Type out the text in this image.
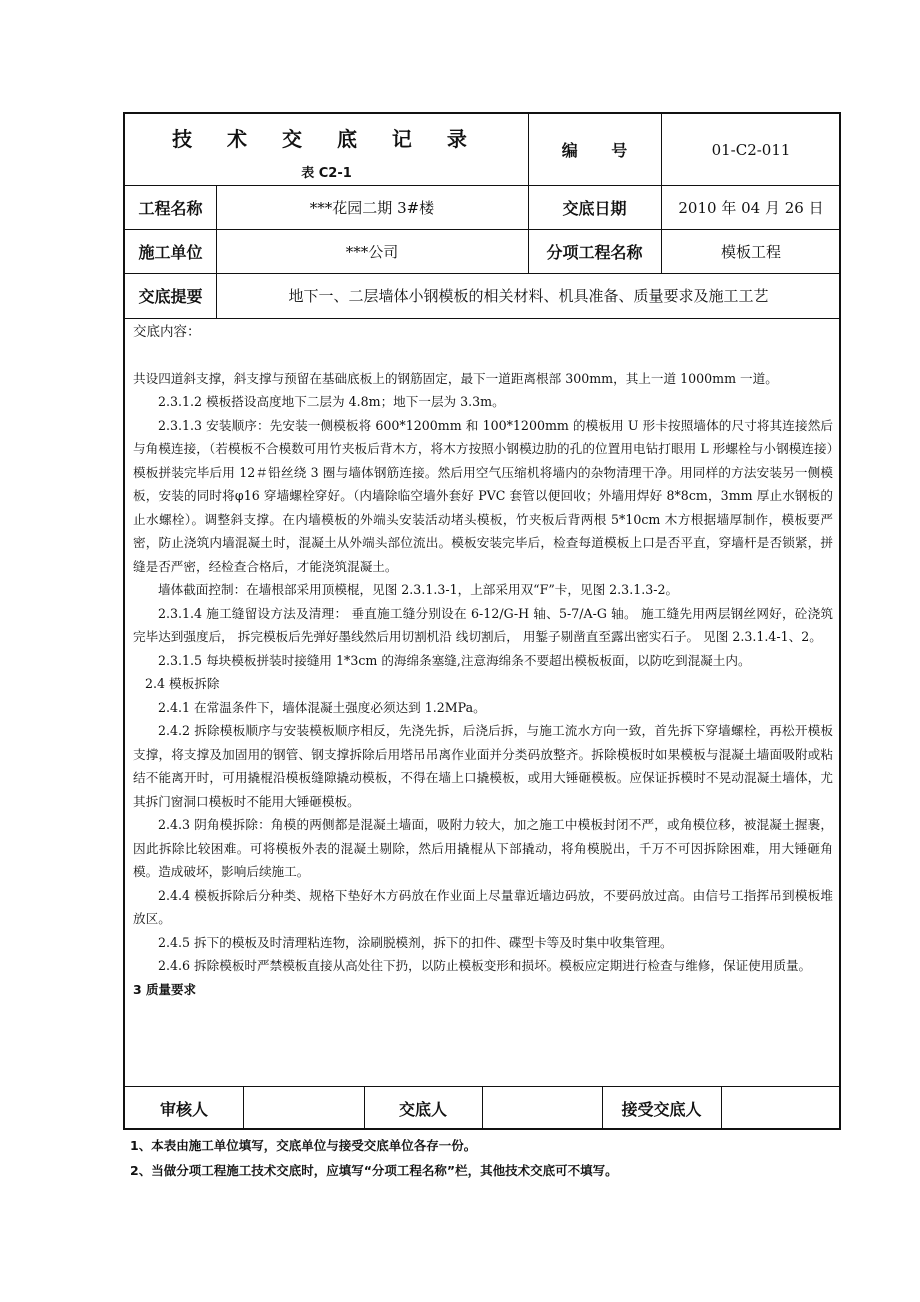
技 术 交 底 记 录
表 C2-1
编      号	01-C2-011
工程名称	***花园二期 3#楼	交底日期	2010 年 04 月 26 日
施工单位	***公司	分项工程名称	模板工程
交底提要	地下一、二层墙体小钢模板的相关材料、机具准备、质量要求及施工工艺

交底内容：

共设四道斜支撑，斜支撑与预留在基础底板上的钢筋固定，最下一道距离根部 300mm，其上一道 1000mm 一道。

2.3.1.2 模板搭设高度地下二层为 4.8m；地下一层为 3.3m。

2.3.1.3 安装顺序：先安装一侧模板将 600*1200mm 和 100*1200mm 的模板用 U 形卡按照墙体的尺寸将其连接然后与角模连接，（若模板不合模数可用竹夹板后背木方，将木方按照小钢模边肋的孔的位置用电钻打眼用 L 形螺栓与小钢模连接）模板拼装完毕后用 12＃铅丝绕 3 圈与墙体钢筋连接。然后用空气压缩机将墙内的杂物清理干净。用同样的方法安装另一侧模板，安装的同时将φ16 穿墙螺栓穿好。（内墙除临空墙外套好 PVC 套管以便回收；外墙用焊好 8*8cm，3mm 厚止水钢板的止水螺栓）。调整斜支撑。在内墙模板的外端头安装活动堵头模板，竹夹板后背两根 5*10cm 木方根据墙厚制作，模板要严密，防止浇筑内墙混凝土时，混凝土从外端头部位流出。模板安装完毕后，检查每道模板上口是否平直，穿墙杆是否锁紧，拼缝是否严密，经检查合格后，才能浇筑混凝土。

墙体截面控制：在墙根部采用顶模棍，见图 2.3.1.3-1，上部采用双“F”卡，见图 2.3.1.3-2。

2.3.1.4 施工缝留设方法及清理： 垂直施工缝分别设在 6-12/G-H 轴、5-7/A-G 轴。 施工缝先用两层钢丝网好，砼浇筑完毕达到强度后， 拆完模板后先弹好墨线然后用切割机沿 线切割后， 用錾子剔凿直至露出密实石子。 见图 2.3.1.4-1、2。

2.3.1.5 每块模板拼装时接缝用 1*3cm 的海绵条塞缝,注意海绵条不要超出模板板面，以防吃到混凝土内。

2.4 模板拆除

2.4.1 在常温条件下，墙体混凝土强度必须达到 1.2MPa。

2.4.2 拆除模板顺序与安装模板顺序相反，先浇先拆，后浇后拆，与施工流水方向一致，首先拆下穿墙螺栓，再松开模板支撑，将支撑及加固用的钢管、钢支撑拆除后用塔吊吊离作业面并分类码放整齐。拆除模板时如果模板与混凝土墙面吸附或粘结不能离开时，可用撬棍沿模板缝隙撬动模板，不得在墙上口撬模板，或用大锤砸模板。应保证拆模时不晃动混凝土墙体，尤其拆门窗洞口模板时不能用大锤砸模板。

2.4.3 阴角模拆除：角模的两侧都是混凝土墙面，吸附力较大，加之施工中模板封闭不严，或角模位移，被混凝土握裹，因此拆除比较困难。可将模板外表的混凝土剔除，然后用撬棍从下部撬动，将角模脱出，千万不可因拆除困难，用大锤砸角模。造成破坏，影响后续施工。

2.4.4 模板拆除后分种类、规格下垫好木方码放在作业面上尽量靠近墙边码放，不要码放过高。由信号工指挥吊到模板堆放区。

2.4.5 拆下的模板及时清理粘连物，涂刷脱模剂，拆下的扣件、碟型卡等及时集中收集管理。

2.4.6 拆除模板时严禁模板直接从高处往下扔，以防止模板变形和损坏。模板应定期进行检查与维修，保证使用质量。

3 质量要求

审核人	交底人	接受交底人
1、本表由施工单位填写，交底单位与接受交底单位各存一份。
2、当做分项工程施工技术交底时，应填写“分项工程名称”栏，其他技术交底可不填写。
